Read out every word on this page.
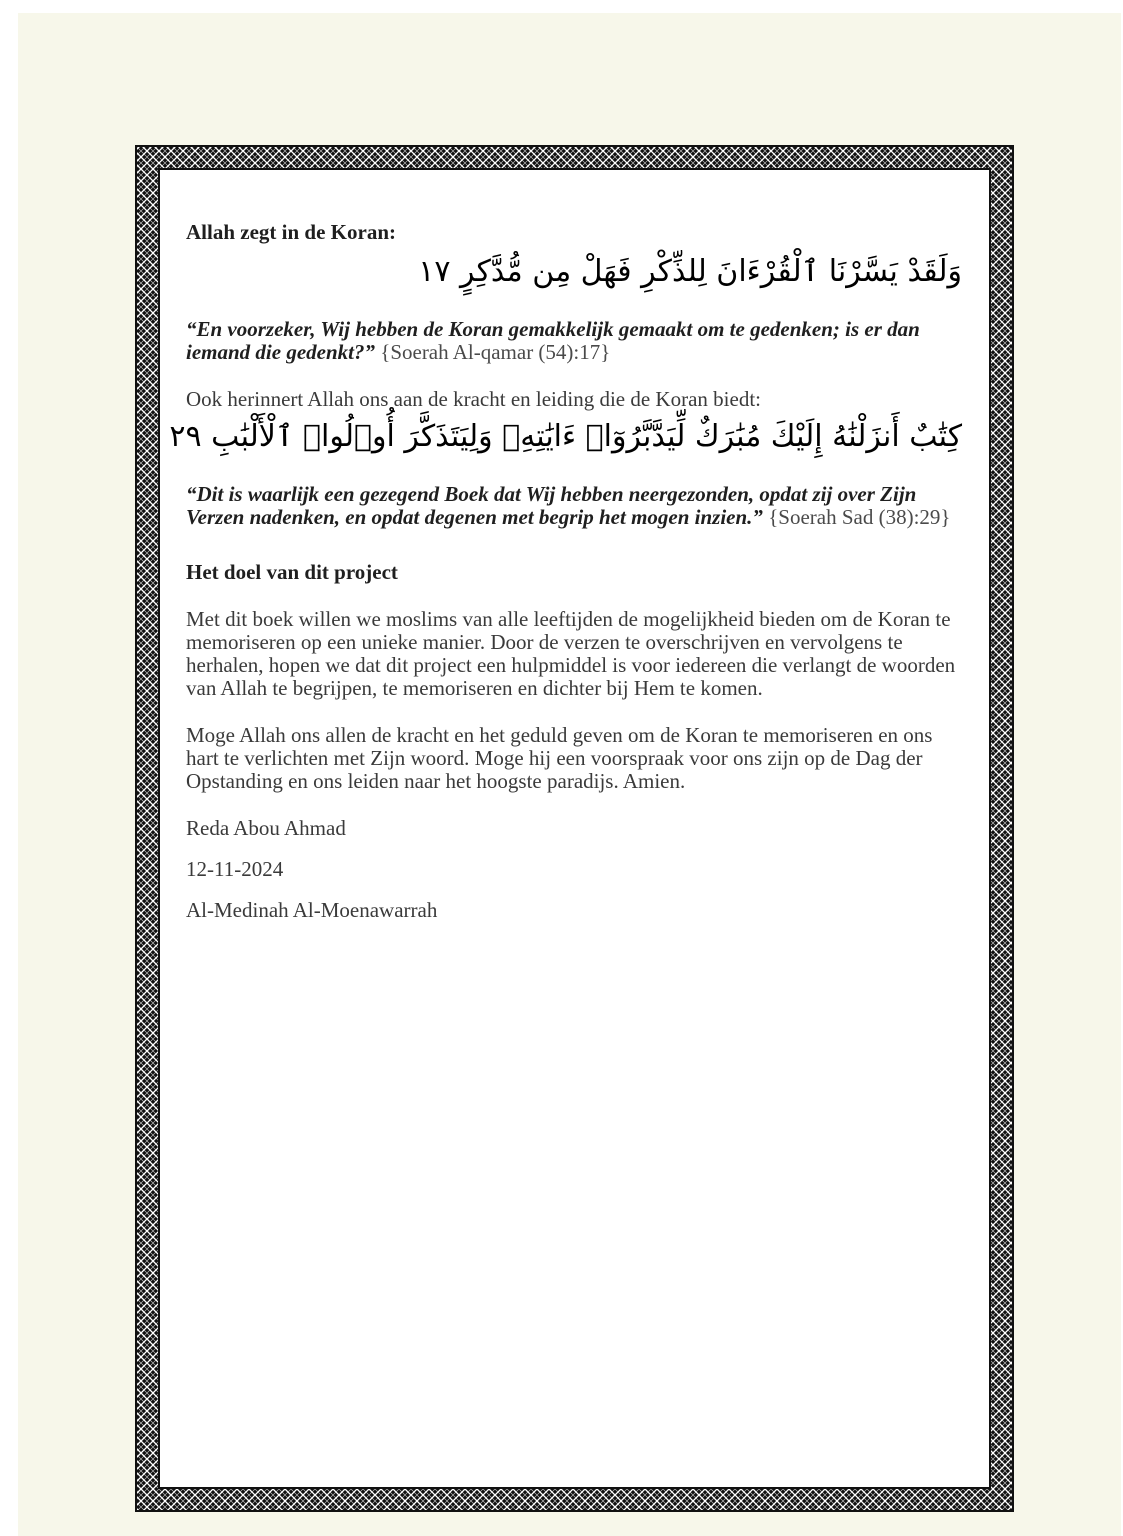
Allah zegt in de Koran:

وَلَقَدْ يَسَّرْنَا ٱلْقُرْءَانَ لِلذِّكْرِ فَهَلْ مِن مُّدَّكِرٍ ١٧

“En voorzeker, Wij hebben de Koran gemakkelijk gemaakt om te gedenken; is er dan iemand die gedenkt?” {Soerah Al-qamar (54):17}

Ook herinnert Allah ons aan de kracht en leiding die de Koran biedt:

كِتَٰبٌ أَنزَلْنَٰهُ إِلَيْكَ مُبَٰرَكٌ لِّيَدَّبَّرُوٓا۟ ءَايَٰتِهِۦ وَلِيَتَذَكَّرَ أُو۟لُوا۟ ٱلْأَلْبَٰبِ ٢٩

“Dit is waarlijk een gezegend Boek dat Wij hebben neergezonden, opdat zij over Zijn Verzen nadenken, en opdat degenen met begrip het mogen inzien.” {Soerah Sad (38):29}

Het doel van dit project

Met dit boek willen we moslims van alle leeftijden de mogelijkheid bieden om de Koran te memoriseren op een unieke manier. Door de verzen te overschrijven en vervolgens te herhalen, hopen we dat dit project een hulpmiddel is voor iedereen die verlangt de woorden van Allah te begrijpen, te memoriseren en dichter bij Hem te komen.

Moge Allah ons allen de kracht en het geduld geven om de Koran te memoriseren en ons hart te verlichten met Zijn woord. Moge hij een voorspraak voor ons zijn op de Dag der Opstanding en ons leiden naar het hoogste paradijs. Amien.

Reda Abou Ahmad

12-11-2024

Al-Medinah Al-Moenawarrah
